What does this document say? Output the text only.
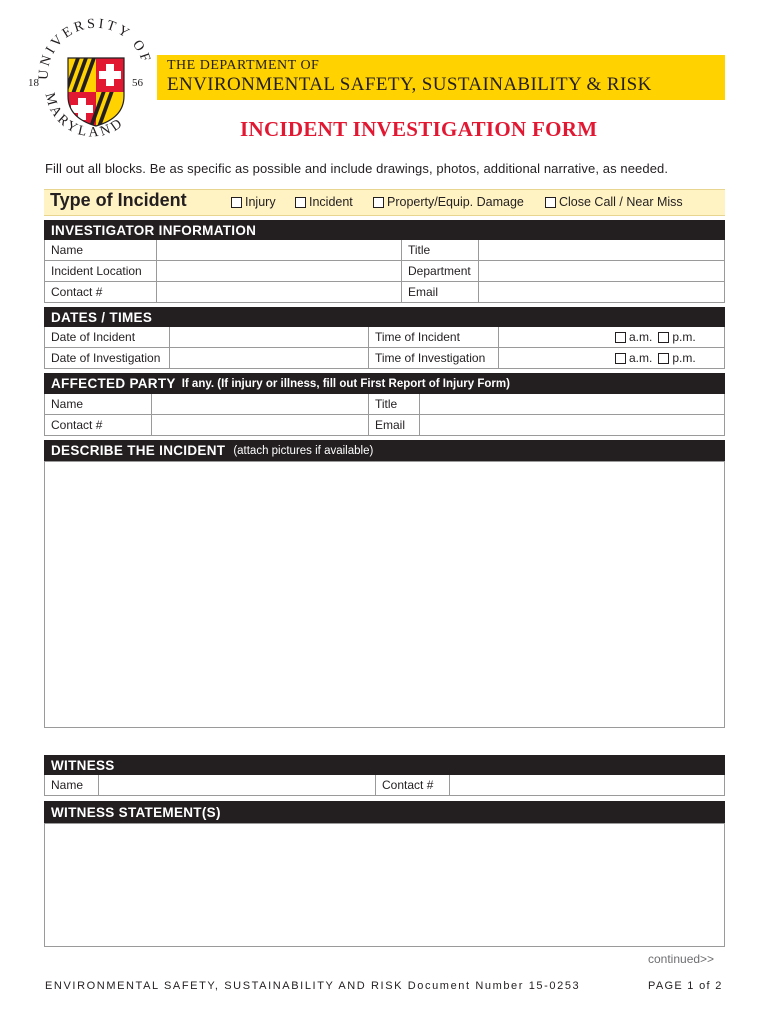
UNIVERSITY OF
MARYLAND
18	56
THE DEPARTMENT OF
ENVIRONMENTAL SAFETY, SUSTAINABILITY & RISK
INCIDENT INVESTIGATION FORM
Fill out all blocks. Be as specific as possible and include drawings, photos, additional narrative, as needed.
Type of Incident	Injury	Incident	Property/Equip. Damage	Close Call / Near Miss
INVESTIGATOR INFORMATION
Name	Title
Incident Location	Department
Contact #	Email
DATES / TIMES
Date of Incident	Time of Incident	a.m. p.m.
Date of Investigation	Time of Investigation	a.m. p.m.
AFFECTED PARTY If any. (If injury or illness, fill out First Report of Injury Form)
Name	Title
Contact #	Email
DESCRIBE THE INCIDENT (attach pictures if available)
WITNESS
Name	Contact #
WITNESS STATEMENT(S)
continued>>
ENVIRONMENTAL SAFETY, SUSTAINABILITY AND RISK Document Number 15-0253	PAGE 1 of 2
